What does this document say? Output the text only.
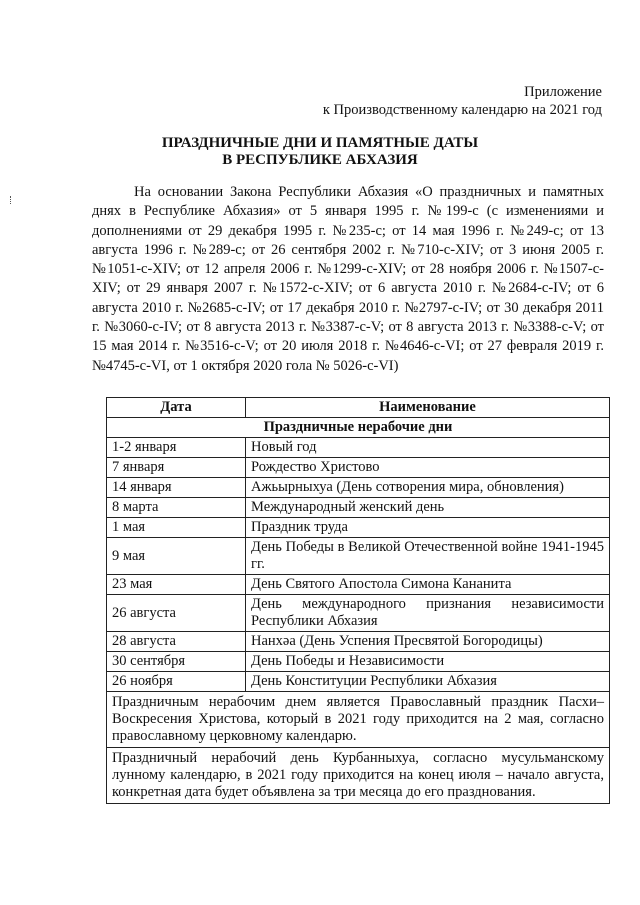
Приложение
к Производственному календарю на 2021 год
ПРАЗДНИЧНЫЕ ДНИ И ПАМЯТНЫЕ ДАТЫ
В РЕСПУБЛИКЕ АБХАЗИЯ
На основании Закона Республики Абхазия «О праздничных и памятных днях в Республике Абхазия» от 5 января 1995 г. №199-с (с изменениями и дополнениями от 29 декабря 1995 г. №235-с; от 14 мая 1996 г. №249-с; от 13 августа 1996 г. №289-с; от 26 сентября 2002 г. №710-с-XIV; от 3 июня 2005 г. №1051-с-XIV; от 12 апреля 2006 г. №1299-с-XIV; от 28 ноября 2006 г. №1507-с-XIV; от 29 января 2007 г. №1572-с-XIV; от 6 августа 2010 г. №2684-с-IV; от 6 августа 2010 г. №2685-с-IV; от 17 декабря 2010 г. №2797-с-IV; от 30 декабря 2011 г. №3060-с-IV; от 8 августа 2013 г. №3387-с-V; от 8 августа 2013 г. №3388-с-V; от 15 мая 2014 г. №3516-с-V; от 20 июля 2018 г. №4646-с-VI; от 27 февраля 2019 г. №4745-с-VI, от 1 октября 2020 гола № 5026-с-VI)
Дата	Наименование
Праздничные нерабочие дни	
1-2 января	Новый год
7 января	Рождество Христово
14 января	Ажьырныхуа (День сотворения мира, обновления)
8 марта	Международный женский день
1 мая	Праздник труда
9 мая	День Победы в Великой Отечественной войне 1941-1945 гг.
23 мая	День Святого Апостола Симона Кананита
26 августа	День международного признания независимости Республики Абхазия
28 августа	Нанхәа (День Успения Пресвятой Богородицы)
30 сентября	День Победы и Независимости
26 ноября	День Конституции Республики Абхазия
Праздничным нерабочим днем является Православный праздник Пасхи–Воскресения Христова, который в 2021 году приходится на 2 мая, согласно православному церковному календарю.	
Праздничный нерабочий день Курбанныхуа, согласно мусульманскому лунному календарю, в 2021 году приходится на конец июля – начало августа, конкретная дата будет объявлена за три месяца до его празднования.	
